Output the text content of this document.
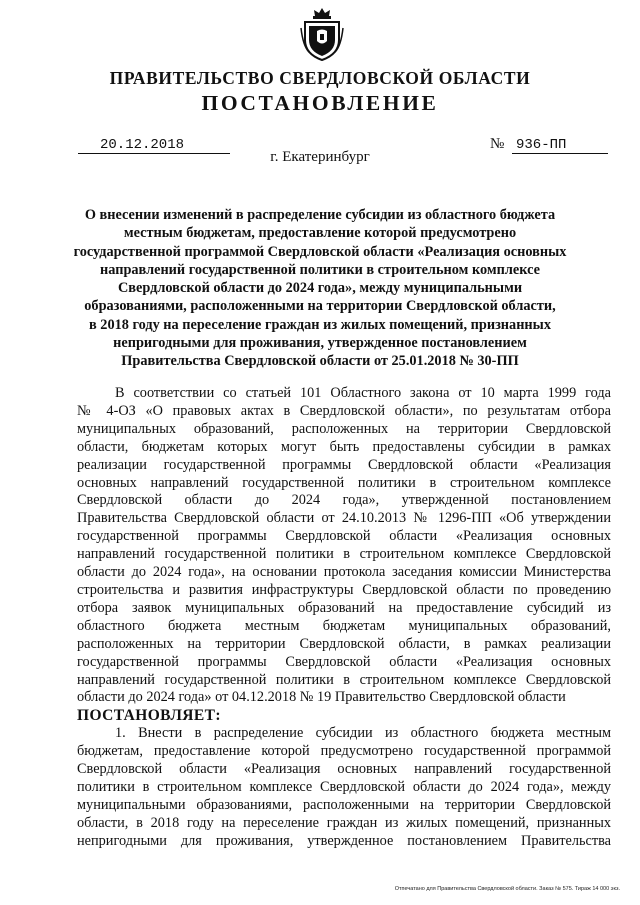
ПРАВИТЕЛЬСТВО СВЕРДЛОВСКОЙ ОБЛАСТИ
ПОСТАНОВЛЕНИЕ
20.12.2018	№ 936-ПП
г. Екатеринбург
О внесении изменений в распределение субсидии из областного бюджета
местным бюджетам, предоставление которой предусмотрено
государственной программой Свердловской области «Реализация основных
направлений государственной политики в строительном комплексе
Свердловской области до 2024 года», между муниципальными
образованиями, расположенными на территории Свердловской области,
в 2018 году на переселение граждан из жилых помещений, признанных
непригодными для проживания, утвержденное постановлением
Правительства Свердловской области от 25.01.2018 № 30-ПП
В соответствии со статьей 101 Областного закона от 10 марта 1999 года
№ 4-ОЗ «О правовых актах в Свердловской области», по результатам отбора
муниципальных образований, расположенных на территории Свердловской
области, бюджетам которых могут быть предоставлены субсидии в рамках
реализации государственной программы Свердловской области «Реализация
основных направлений государственной политики в строительном комплексе
Свердловской области до 2024 года», утвержденной постановлением
Правительства Свердловской области от 24.10.2013 № 1296-ПП «Об утверждении
государственной программы Свердловской области «Реализация основных
направлений государственной политики в строительном комплексе Свердловской
области до 2024 года», на основании протокола заседания комиссии Министерства
строительства и развития инфраструктуры Свердловской области по проведению
отбора заявок муниципальных образований на предоставление субсидий из
областного бюджета местным бюджетам муниципальных образований,
расположенных на территории Свердловской области, в рамках реализации
государственной программы Свердловской области «Реализация основных
направлений государственной политики в строительном комплексе Свердловской
области до 2024 года» от 04.12.2018 № 19 Правительство Свердловской области
ПОСТАНОВЛЯЕТ:
1. Внести в распределение субсидии из областного бюджета местным
бюджетам, предоставление которой предусмотрено государственной программой
Свердловской области «Реализация основных направлений государственной
политики в строительном комплексе Свердловской области до 2024 года», между
муниципальными образованиями, расположенными на территории Свердловской
области, в 2018 году на переселение граждан из жилых помещений, признанных
непригодными для проживания, утвержденное постановлением Правительства
Отпечатано для Правительства Свердловской области. Заказ № 575. Тираж 14 000 экз.
